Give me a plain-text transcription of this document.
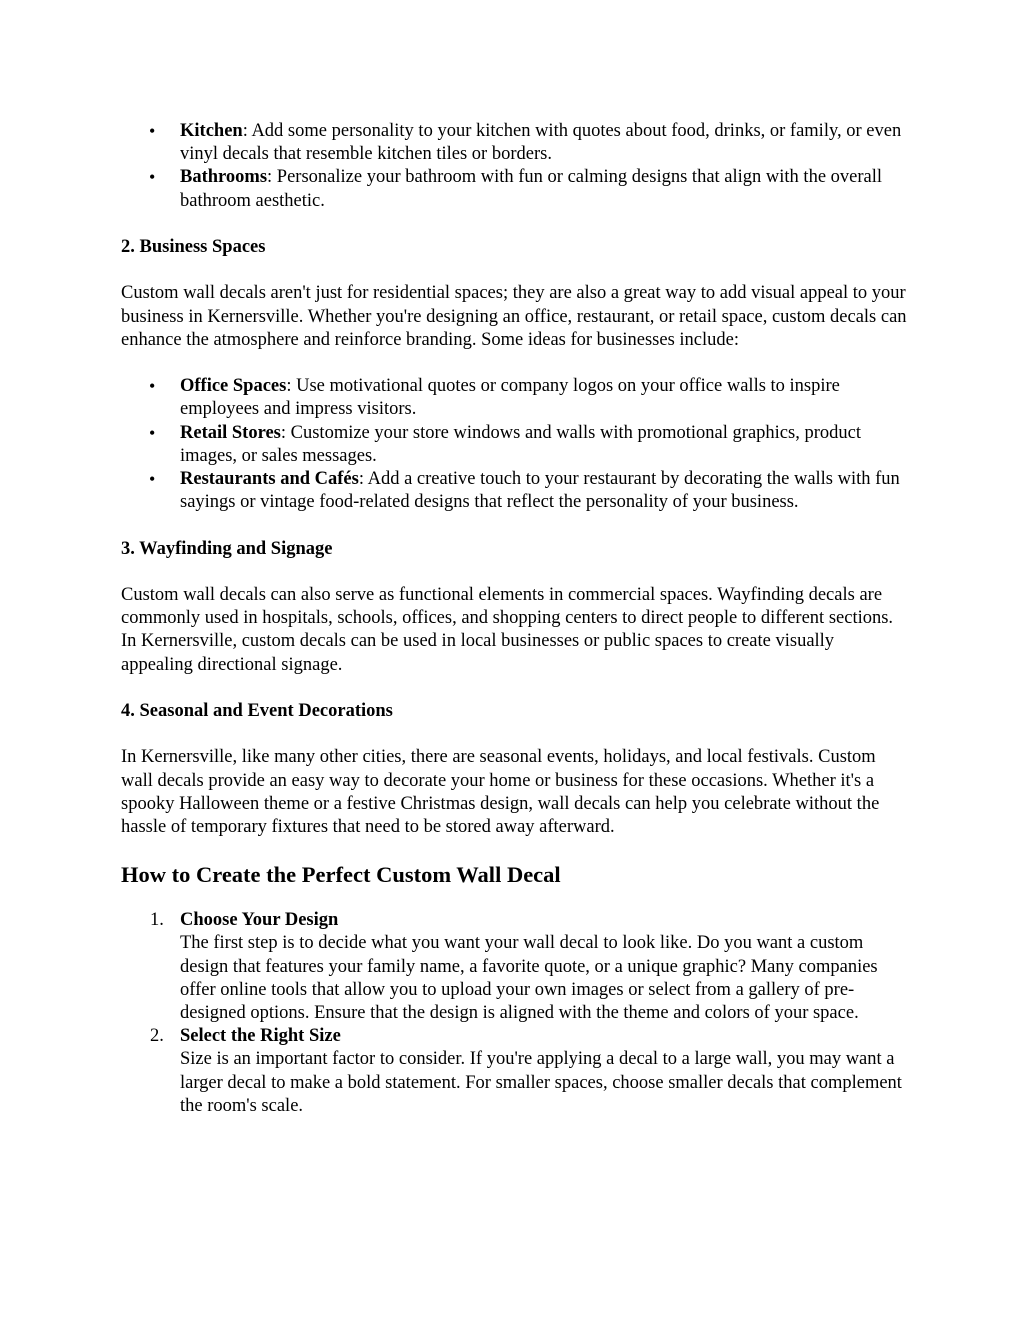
• Kitchen: Add some personality to your kitchen with quotes about food, drinks, or family, or even vinyl decals that resemble kitchen tiles or borders.
• Bathrooms: Personalize your bathroom with fun or calming designs that align with the overall bathroom aesthetic.

2. Business Spaces

Custom wall decals aren't just for residential spaces; they are also a great way to add visual appeal to your business in Kernersville. Whether you're designing an office, restaurant, or retail space, custom decals can enhance the atmosphere and reinforce branding. Some ideas for businesses include:

• Office Spaces: Use motivational quotes or company logos on your office walls to inspire employees and impress visitors.
• Retail Stores: Customize your store windows and walls with promotional graphics, product images, or sales messages.
• Restaurants and Cafés: Add a creative touch to your restaurant by decorating the walls with fun sayings or vintage food-related designs that reflect the personality of your business.

3. Wayfinding and Signage

Custom wall decals can also serve as functional elements in commercial spaces. Wayfinding decals are commonly used in hospitals, schools, offices, and shopping centers to direct people to different sections. In Kernersville, custom decals can be used in local businesses or public spaces to create visually appealing directional signage.

4. Seasonal and Event Decorations

In Kernersville, like many other cities, there are seasonal events, holidays, and local festivals. Custom wall decals provide an easy way to decorate your home or business for these occasions. Whether it's a spooky Halloween theme or a festive Christmas design, wall decals can help you celebrate without the hassle of temporary fixtures that need to be stored away afterward.

How to Create the Perfect Custom Wall Decal

1. Choose Your Design
The first step is to decide what you want your wall decal to look like. Do you want a custom design that features your family name, a favorite quote, or a unique graphic? Many companies offer online tools that allow you to upload your own images or select from a gallery of pre-designed options. Ensure that the design is aligned with the theme and colors of your space.
2. Select the Right Size
Size is an important factor to consider. If you're applying a decal to a large wall, you may want a larger decal to make a bold statement. For smaller spaces, choose smaller decals that complement the room's scale.
